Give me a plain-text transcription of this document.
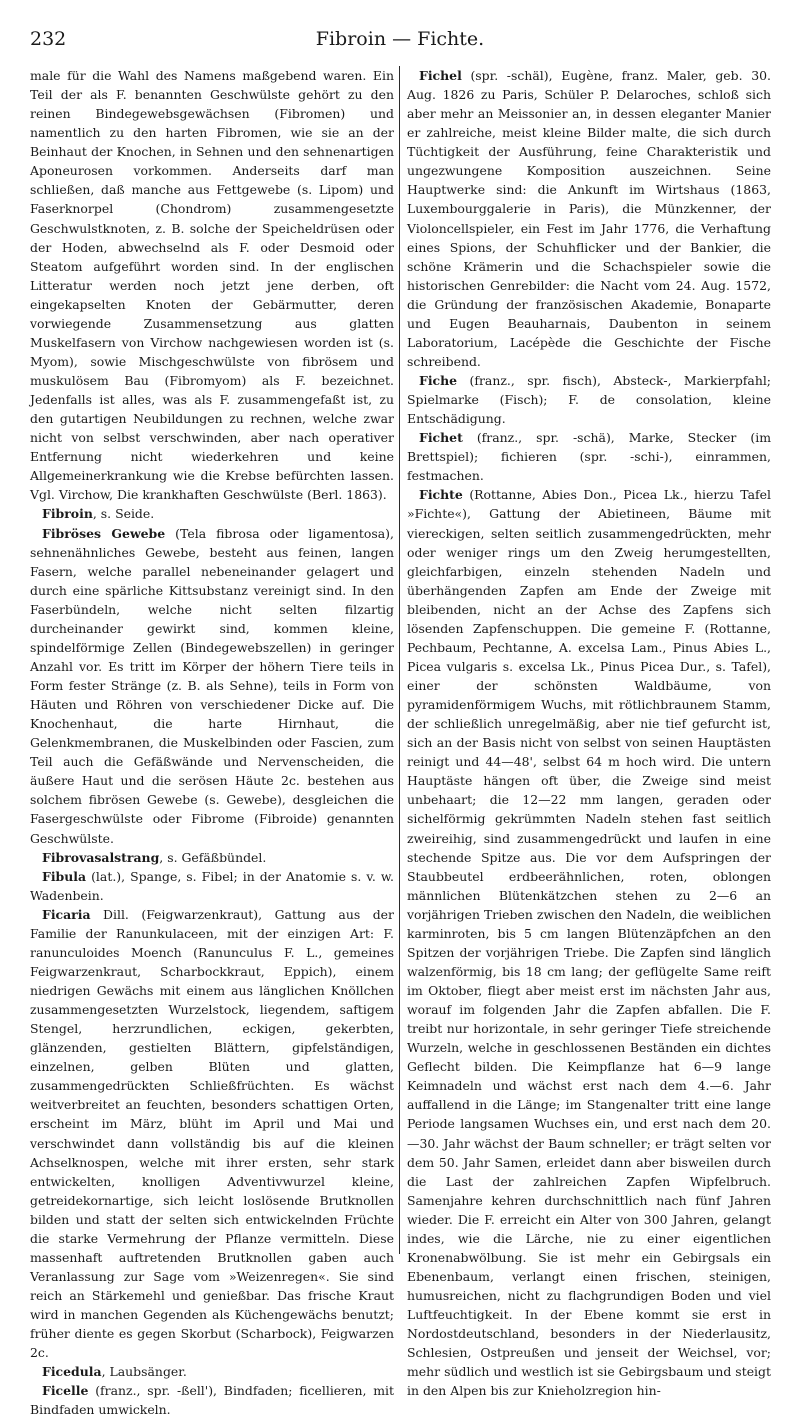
232	Fibroin — Fichte.

male für die Wahl des Namens maßgebend waren. Ein Teil der als F. benannten Geschwülste gehört zu den reinen Bindegewebsgewächsen (Fibromen) und namentlich zu den harten Fibromen, wie sie an der Beinhaut der Knochen, in Sehnen und den sehnenartigen Aponeurosen vorkommen. Anderseits darf man schließen, daß manche aus Fettgewebe (s. Lipom) und Faserknorpel (Chondrom) zusammengesetzte Geschwulstknoten, z. B. solche der Speicheldrüsen oder der Hoden, abwechselnd als F. oder Desmoid oder Steatom aufgeführt worden sind. In der englischen Litteratur werden noch jetzt jene derben, oft eingekapselten Knoten der Gebärmutter, deren vorwiegende Zusammensetzung aus glatten Muskelfasern von Virchow nachgewiesen worden ist (s. Myom), sowie Mischgeschwülste von fibrösem und muskulösem Bau (Fibromyom) als F. bezeichnet. Jedenfalls ist alles, was als F. zusammengefaßt ist, zu den gutartigen Neubildungen zu rechnen, welche zwar nicht von selbst verschwinden, aber nach operativer Entfernung nicht wiederkehren und keine Allgemeinerkrankung wie die Krebse befürchten lassen. Vgl. Virchow, Die krankhaften Geschwülste (Berl. 1863).

Fibroin, s. Seide.

Fibröses Gewebe (Tela fibrosa oder ligamentosa), sehnenähnliches Gewebe, besteht aus feinen, langen Fasern, welche parallel nebeneinander gelagert und durch eine spärliche Kittsubstanz vereinigt sind. In den Faserbündeln, welche nicht selten filzartig durcheinander gewirkt sind, kommen kleine, spindelförmige Zellen (Bindegewebszellen) in geringer Anzahl vor. Es tritt im Körper der höhern Tiere teils in Form fester Stränge (z. B. als Sehne), teils in Form von Häuten und Röhren von verschiedener Dicke auf. Die Knochenhaut, die harte Hirnhaut, die Gelenkmembranen, die Muskelbinden oder Fascien, zum Teil auch die Gefäßwände und Nervenscheiden, die äußere Haut und die serösen Häute 2c. bestehen aus solchem fibrösen Gewebe (s. Gewebe), desgleichen die Fasergeschwülste oder Fibrome (Fibroide) genannten Geschwülste.

Fibrovasalstrang, s. Gefäßbündel.

Fibula (lat.), Spange, s. Fibel; in der Anatomie s. v. w. Wadenbein.

Ficaria Dill. (Feigwarzenkraut), Gattung aus der Familie der Ranunkulaceen, mit der einzigen Art: F. ranunculoides Moench (Ranunculus F. L., gemeines Feigwarzenkraut, Scharbockkraut, Eppich), einem niedrigen Gewächs mit einem aus länglichen Knöllchen zusammengesetzten Wurzelstock, liegendem, saftigem Stengel, herzrundlichen, eckigen, gekerbten, glänzenden, gestielten Blättern, gipfelständigen, einzelnen, gelben Blüten und glatten, zusammengedrückten Schließfrüchten. Es wächst weitverbreitet an feuchten, besonders schattigen Orten, erscheint im März, blüht im April und Mai und verschwindet dann vollständig bis auf die kleinen Achselknospen, welche mit ihrer ersten, sehr stark entwickelten, knolligen Adventivwurzel kleine, getreidekornartige, sich leicht loslösende Brutknollen bilden und statt der selten sich entwickelnden Früchte die starke Vermehrung der Pflanze vermitteln. Diese massenhaft auftretenden Brutknollen gaben auch Veranlassung zur Sage vom »Weizenregen«. Sie sind reich an Stärkemehl und genießbar. Das frische Kraut wird in manchen Gegenden als Küchengewächs benutzt; früher diente es gegen Skorbut (Scharbock), Feigwarzen 2c.

Ficedula, Laubsänger.

Ficelle (franz., spr. -ßell'), Bindfaden; ficellieren, mit Bindfaden umwickeln.

Fichel (spr. -schäl), Eugène, franz. Maler, geb. 30. Aug. 1826 zu Paris, Schüler P. Delaroches, schloß sich aber mehr an Meissonier an, in dessen eleganter Manier er zahlreiche, meist kleine Bilder malte, die sich durch Tüchtigkeit der Ausführung, feine Charakteristik und ungezwungene Komposition auszeichnen. Seine Hauptwerke sind: die Ankunft im Wirtshaus (1863, Luxembourggalerie in Paris), die Münzkenner, der Violoncellspieler, ein Fest im Jahr 1776, die Verhaftung eines Spions, der Schuhflicker und der Bankier, die schöne Krämerin und die Schachspieler sowie die historischen Genrebilder: die Nacht vom 24. Aug. 1572, die Gründung der französischen Akademie, Bonaparte und Eugen Beauharnais, Daubenton in seinem Laboratorium, Lacépède die Geschichte der Fische schreibend.

Fiche (franz., spr. fisch), Absteck-, Markierpfahl; Spielmarke (Fisch); F. de consolation, kleine Entschädigung.

Fichet (franz., spr. -schä), Marke, Stecker (im Brettspiel); fichieren (spr. -schi-), einrammen, festmachen.

Fichte (Rottanne, Abies Don., Picea Lk., hierzu Tafel »Fichte«), Gattung der Abietineen, Bäume mit viereckigen, selten seitlich zusammengedrückten, mehr oder weniger rings um den Zweig herumgestellten, gleichfarbigen, einzeln stehenden Nadeln und überhängenden Zapfen am Ende der Zweige mit bleibenden, nicht an der Achse des Zapfens sich lösenden Zapfenschuppen. Die gemeine F. (Rottanne, Pechbaum, Pechtanne, A. excelsa Lam., Pinus Abies L., Picea vulgaris s. excelsa Lk., Pinus Picea Dur., s. Tafel), einer der schönsten Waldbäume, von pyramidenförmigem Wuchs, mit rötlichbraunem Stamm, der schließlich unregelmäßig, aber nie tief gefurcht ist, sich an der Basis nicht von selbst von seinen Hauptästen reinigt und 44—48', selbst 64 m hoch wird. Die untern Hauptäste hängen oft über, die Zweige sind meist unbehaart; die 12—22 mm langen, geraden oder sichelförmig gekrümmten Nadeln stehen fast seitlich zweireihig, sind zusammengedrückt und laufen in eine stechende Spitze aus. Die vor dem Aufspringen der Staubbeutel erdbeerähnlichen, roten, oblongen männlichen Blütenkätzchen stehen zu 2—6 an vorjährigen Trieben zwischen den Nadeln, die weiblichen karminroten, bis 5 cm langen Blütenzäpfchen an den Spitzen der vorjährigen Triebe. Die Zapfen sind länglich walzenförmig, bis 18 cm lang; der geflügelte Same reift im Oktober, fliegt aber meist erst im nächsten Jahr aus, worauf im folgenden Jahr die Zapfen abfallen. Die F. treibt nur horizontale, in sehr geringer Tiefe streichende Wurzeln, welche in geschlossenen Beständen ein dichtes Geflecht bilden. Die Keimpflanze hat 6—9 lange Keimnadeln und wächst erst nach dem 4.—6. Jahr auffallend in die Länge; im Stangenalter tritt eine lange Periode langsamen Wuchses ein, und erst nach dem 20.—30. Jahr wächst der Baum schneller; er trägt selten vor dem 50. Jahr Samen, erleidet dann aber bisweilen durch die Last der zahlreichen Zapfen Wipfelbruch. Samenjahre kehren durchschnittlich nach fünf Jahren wieder. Die F. erreicht ein Alter von 300 Jahren, gelangt indes, wie die Lärche, nie zu einer eigentlichen Kronenabwölbung. Sie ist mehr ein Gebirgsals ein Ebenenbaum, verlangt einen frischen, steinigen, humusreichen, nicht zu flachgrundigen Boden und viel Luftfeuchtigkeit. In der Ebene kommt sie erst in Nordostdeutschland, besonders in der Niederlausitz, Schlesien, Ostpreußen und jenseit der Weichsel, vor; mehr südlich und westlich ist sie Gebirgsbaum und steigt in den Alpen bis zur Knieholzregion hin-
